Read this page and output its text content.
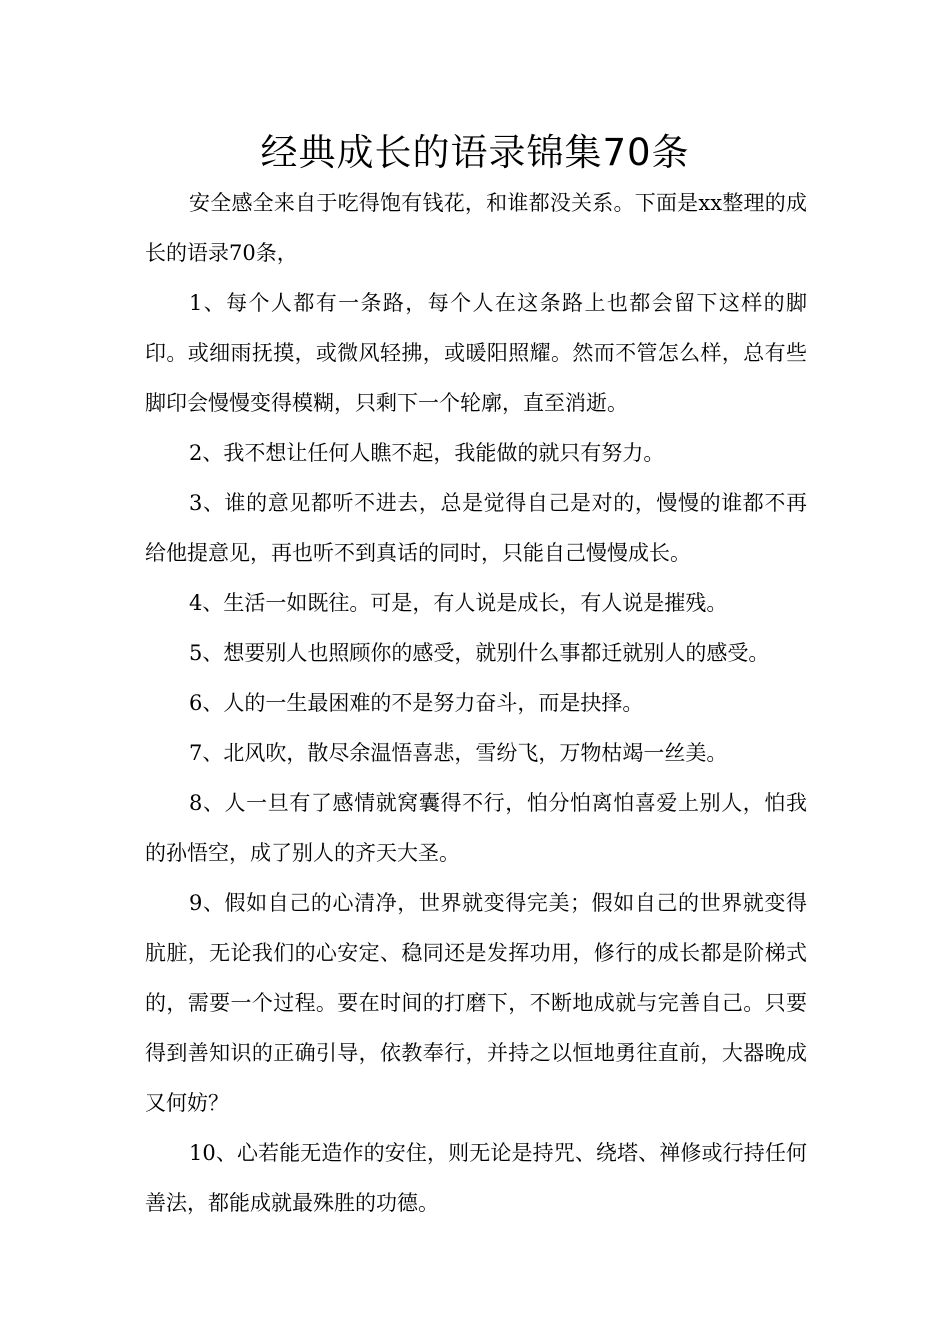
经典成长的语录锦集70条

安全感全来自于吃得饱有钱花，和谁都没关系。下面是xx整理的成长的语录70条，

1、每个人都有一条路，每个人在这条路上也都会留下这样的脚印。或细雨抚摸，或微风轻拂，或暖阳照耀。然而不管怎么样，总有些脚印会慢慢变得模糊，只剩下一个轮廓，直至消逝。

2、我不想让任何人瞧不起，我能做的就只有努力。

3、谁的意见都听不进去，总是觉得自己是对的，慢慢的谁都不再给他提意见，再也听不到真话的同时，只能自己慢慢成长。

4、生活一如既往。可是，有人说是成长，有人说是摧残。

5、想要别人也照顾你的感受，就别什么事都迁就别人的感受。

6、人的一生最困难的不是努力奋斗，而是抉择。

7、北风吹，散尽余温悟喜悲，雪纷飞，万物枯竭一丝美。

8、人一旦有了感情就窝囊得不行，怕分怕离怕喜爱上别人，怕我的孙悟空，成了别人的齐天大圣。

9、假如自己的心清净，世界就变得完美；假如自己的世界就变得肮脏，无论我们的心安定、稳同还是发挥功用，修行的成长都是阶梯式的，需要一个过程。要在时间的打磨下，不断地成就与完善自己。只要得到善知识的正确引导，依教奉行，并持之以恒地勇往直前，大器晚成又何妨？

10、心若能无造作的安住，则无论是持咒、绕塔、禅修或行持任何善法，都能成就最殊胜的功德。
